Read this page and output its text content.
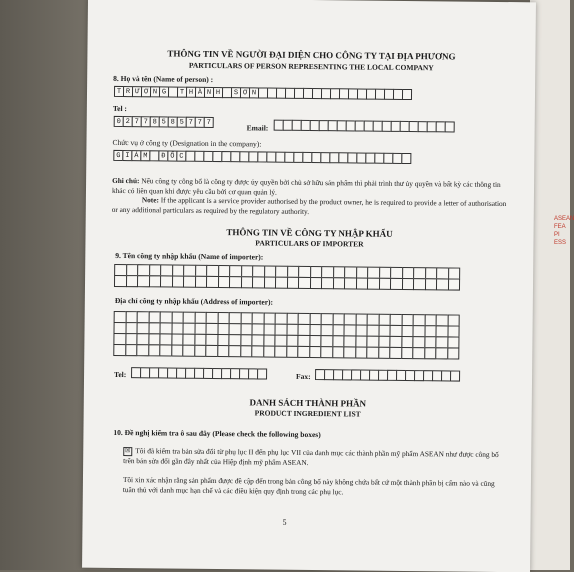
ASEAN FEA PI ESS
THÔNG TIN VỀ NGƯỜI ĐẠI DIỆN CHO CÔNG TY TẠI ĐỊA PHƯƠNG
PARTICULARS OF PERSON REPRESENTING THE LOCAL COMPANY
8. Họ và tên (Name of person) :
T R Ư Ơ N G	T H À N H	S Ơ N
Tel :
0 2 7 7 8 5 8 5 7 7 7
Email:
Chức vụ ở công ty (Designation in the company):
G I Á M	Đ Ố C
Ghi chú: Nếu công ty công bố là công ty được ủy quyền bởi chủ sở hữu sản phẩm thì phải trình thư ủy quyền và bất kỳ các thông tin khác có liên quan khi được yêu cầu bởi cơ quan quản lý.
Note: If the applicant is a service provider authorised by the product owner, he is required to provide a letter of authorisation or any additional particulars as required by the regulatory authority.
THÔNG TIN VỀ CÔNG TY NHẬP KHẨU
PARTICULARS OF IMPORTER
9. Tên công ty nhập khẩu (Name of importer):
Địa chỉ công ty nhập khẩu (Address of importer):
Tel:	Fax:
DANH SÁCH THÀNH PHẦN
PRODUCT INGREDIENT LIST
10. Đề nghị kiểm tra ô sau đây (Please check the following boxes)
☒ Tôi đã kiểm tra bản sửa đổi từ phụ lục II đến phụ lục VII của danh mục các thành phần mỹ phẩm ASEAN như được công bố trên bản sửa đổi gần đây nhất của Hiệp định mỹ phẩm ASEAN.
Tôi xin xác nhận rằng sản phẩm được đề cập đến trong bản công bố này không chứa bất cứ một thành phần bị cấm nào và cũng tuân thủ với danh mục hạn chế và các điều kiện quy định trong các phụ lục.
5
